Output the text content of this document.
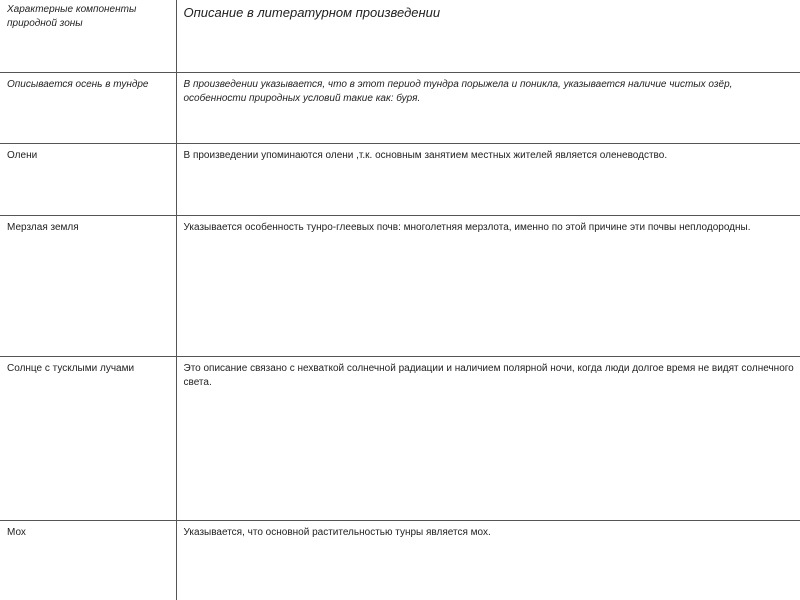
Характерные компоненты природной зоны	Описание в литературном произведении

Описывается осень в тундре	В произведении указывается, что в этот период тундра порыжела и поникла, указывается наличие чистых озёр, особенности природных условий такие как: буря.

Олени	В произведении упоминаются олени ,т.к. основным занятием местных жителей является оленеводство.

Мерзлая земля	Указывается особенность тунро-глеевых почв: многолетняя мерзлота, именно по этой причине эти почвы неплодородны.

Солнце с тусклыми лучами	Это описание связано с нехваткой солнечной радиации и наличием полярной ночи, когда люди долгое время не видят солнечного света.

Мох	Указывается, что основной растительностью тунры является мох.
